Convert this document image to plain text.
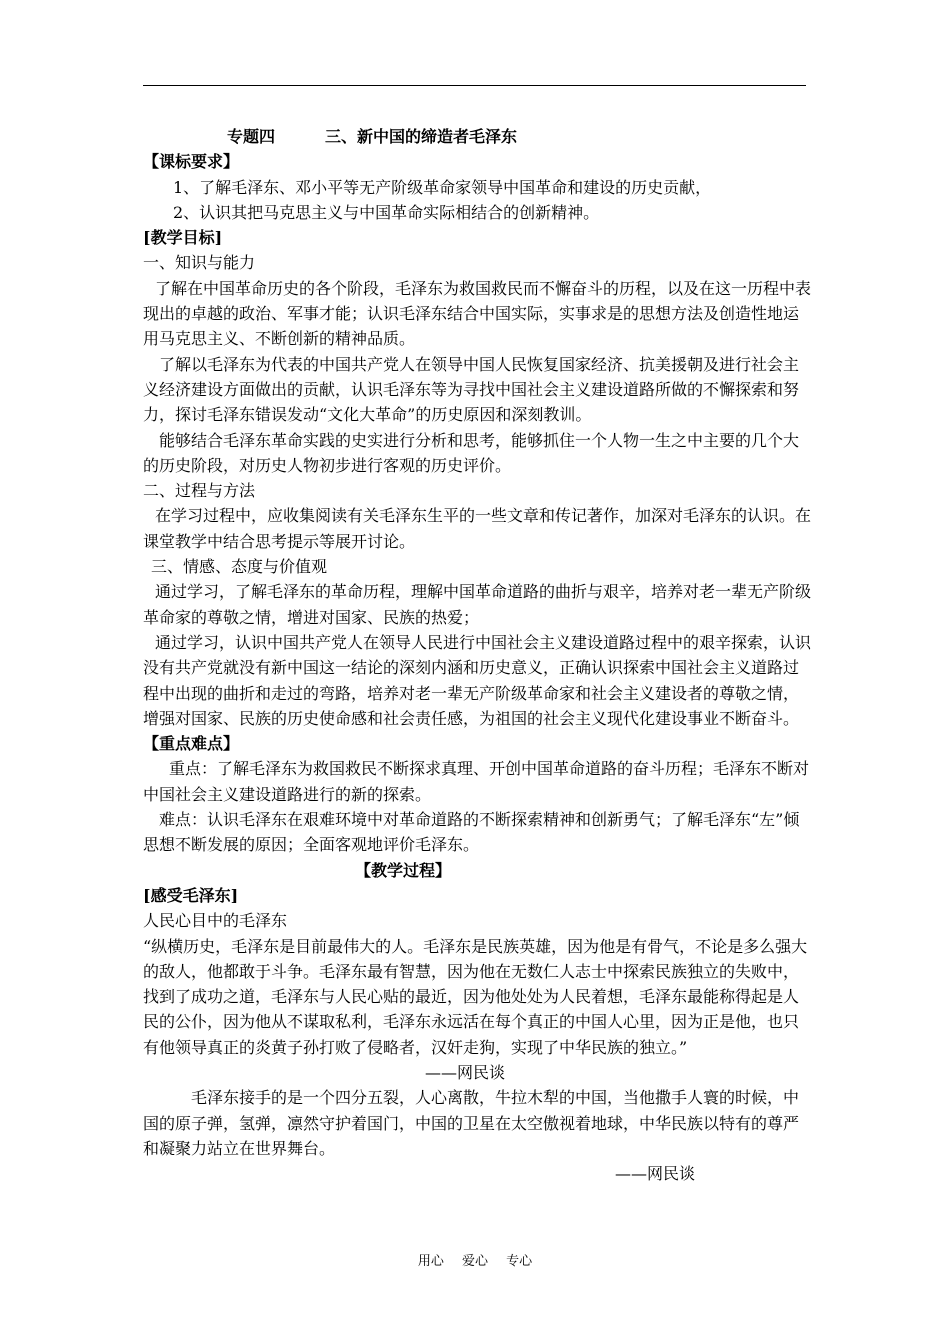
专题四	三、新中国的缔造者毛泽东

【课标要求】

1、了解毛泽东、邓小平等无产阶级革命家领导中国革命和建设的历史贡献，

2、认识其把马克思主义与中国革命实际相结合的创新精神。

[教学目标]

一、知识与能力

了解在中国革命历史的各个阶段，毛泽东为救国救民而不懈奋斗的历程，以及在这一历程中表现出的卓越的政治、军事才能；认识毛泽东结合中国实际，实事求是的思想方法及创造性地运用马克思主义、不断创新的精神品质。

了解以毛泽东为代表的中国共产党人在领导中国人民恢复国家经济、抗美援朝及进行社会主义经济建设方面做出的贡献，认识毛泽东等为寻找中国社会主义建设道路所做的不懈探索和努力，探讨毛泽东错误发动“文化大革命”的历史原因和深刻教训。

能够结合毛泽东革命实践的史实进行分析和思考，能够抓住一个人物一生之中主要的几个大的历史阶段，对历史人物初步进行客观的历史评价。

二、过程与方法

在学习过程中，应收集阅读有关毛泽东生平的一些文章和传记著作，加深对毛泽东的认识。在课堂教学中结合思考提示等展开讨论。

三、情感、态度与价值观

通过学习，了解毛泽东的革命历程，理解中国革命道路的曲折与艰辛，培养对老一辈无产阶级革命家的尊敬之情，增进对国家、民族的热爱；

通过学习，认识中国共产党人在领导人民进行中国社会主义建设道路过程中的艰辛探索，认识没有共产党就没有新中国这一结论的深刻内涵和历史意义，正确认识探索中国社会主义道路过程中出现的曲折和走过的弯路，培养对老一辈无产阶级革命家和社会主义建设者的尊敬之情，增强对国家、民族的历史使命感和社会责任感，为祖国的社会主义现代化建设事业不断奋斗。

【重点难点】

重点：了解毛泽东为救国救民不断探求真理、开创中国革命道路的奋斗历程；毛泽东不断对中国社会主义建设道路进行的新的探索。

难点：认识毛泽东在艰难环境中对革命道路的不断探索精神和创新勇气；了解毛泽东“左”倾思想不断发展的原因；全面客观地评价毛泽东。

【教学过程】

[感受毛泽东]

人民心目中的毛泽东

“纵横历史，毛泽东是目前最伟大的人。毛泽东是民族英雄，因为他是有骨气，不论是多么强大的敌人，他都敢于斗争。毛泽东最有智慧，因为他在无数仁人志士中探索民族独立的失败中，找到了成功之道，毛泽东与人民心贴的最近，因为他处处为人民着想，毛泽东最能称得起是人民的公仆，因为他从不谋取私利，毛泽东永远活在每个真正的中国人心里，因为正是他，也只有他领导真正的炎黄子孙打败了侵略者，汉奸走狗，实现了中华民族的独立。”

——网民谈

毛泽东接手的是一个四分五裂，人心离散，牛拉木犁的中国，当他撒手人寰的时候，中国的原子弹，氢弹，凛然守护着国门，中国的卫星在太空傲视着地球，中华民族以特有的尊严和凝聚力站立在世界舞台。

——网民谈

用心 爱心 专心
